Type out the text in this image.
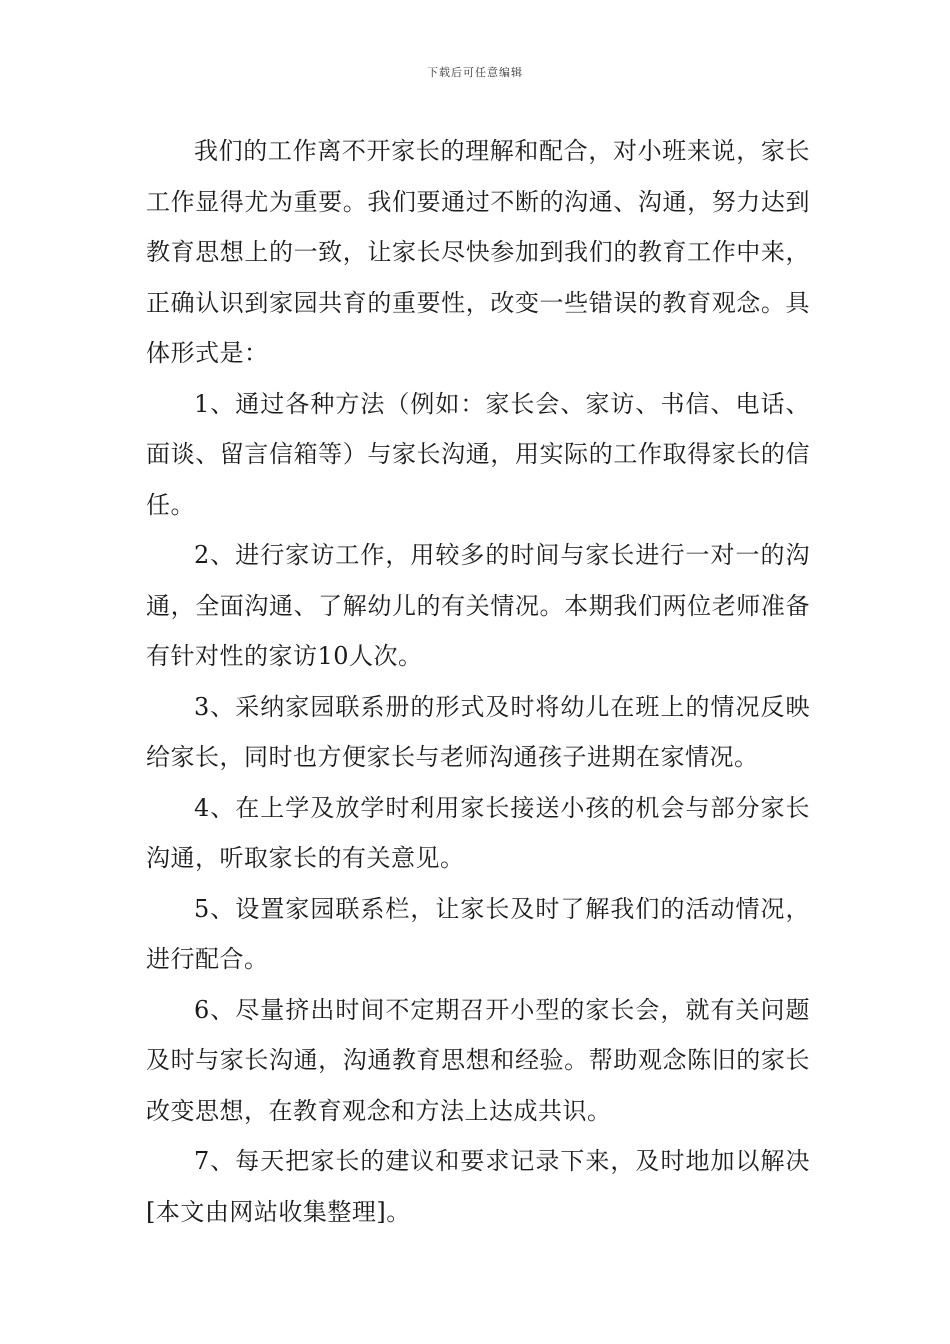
下载后可任意编辑

我们的工作离不开家长的理解和配合，对小班来说，家长工作显得尤为重要。我们要通过不断的沟通、沟通，努力达到教育思想上的一致，让家长尽快参加到我们的教育工作中来，正确认识到家园共育的重要性，改变一些错误的教育观念。具体形式是：

1、通过各种方法（例如：家长会、家访、书信、电话、面谈、留言信箱等）与家长沟通，用实际的工作取得家长的信任。

2、进行家访工作，用较多的时间与家长进行一对一的沟通，全面沟通、了解幼儿的有关情况。本期我们两位老师准备有针对性的家访10人次。

3、采纳家园联系册的形式及时将幼儿在班上的情况反映给家长，同时也方便家长与老师沟通孩子进期在家情况。

4、在上学及放学时利用家长接送小孩的机会与部分家长沟通，听取家长的有关意见。

5、设置家园联系栏，让家长及时了解我们的活动情况，进行配合。

6、尽量挤出时间不定期召开小型的家长会，就有关问题及时与家长沟通，沟通教育思想和经验。帮助观念陈旧的家长改变思想，在教育观念和方法上达成共识。

7、每天把家长的建议和要求记录下来，及时地加以解决[本文由网站收集整理]。
